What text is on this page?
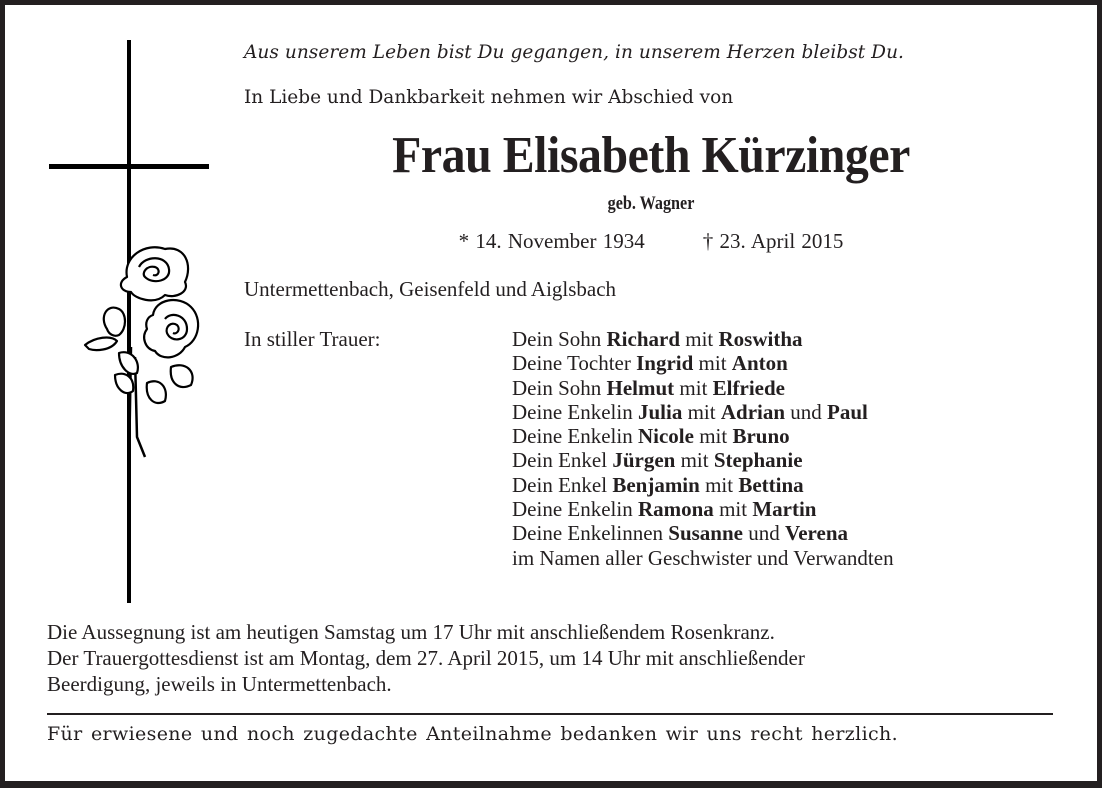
Aus unserem Leben bist Du gegangen, in unserem Herzen bleibst Du.
In Liebe und Dankbarkeit nehmen wir Abschied von
Frau Elisabeth Kürzinger
geb. Wagner
* 14. November 1934	† 23. April 2015
Untermettenbach, Geisenfeld und Aiglsbach
In stiller Trauer:	Dein Sohn Richard mit Roswitha
Deine Tochter Ingrid mit Anton
Dein Sohn Helmut mit Elfriede
Deine Enkelin Julia mit Adrian und Paul
Deine Enkelin Nicole mit Bruno
Dein Enkel Jürgen mit Stephanie
Dein Enkel Benjamin mit Bettina
Deine Enkelin Ramona mit Martin
Deine Enkelinnen Susanne und Verena
im Namen aller Geschwister und Verwandten
Die Aussegnung ist am heutigen Samstag um 17 Uhr mit anschließendem Rosenkranz.
Der Trauergottesdienst ist am Montag, dem 27. April 2015, um 14 Uhr mit anschließender
Beerdigung, jeweils in Untermettenbach.
Für erwiesene und noch zugedachte Anteilnahme bedanken wir uns recht herzlich.
